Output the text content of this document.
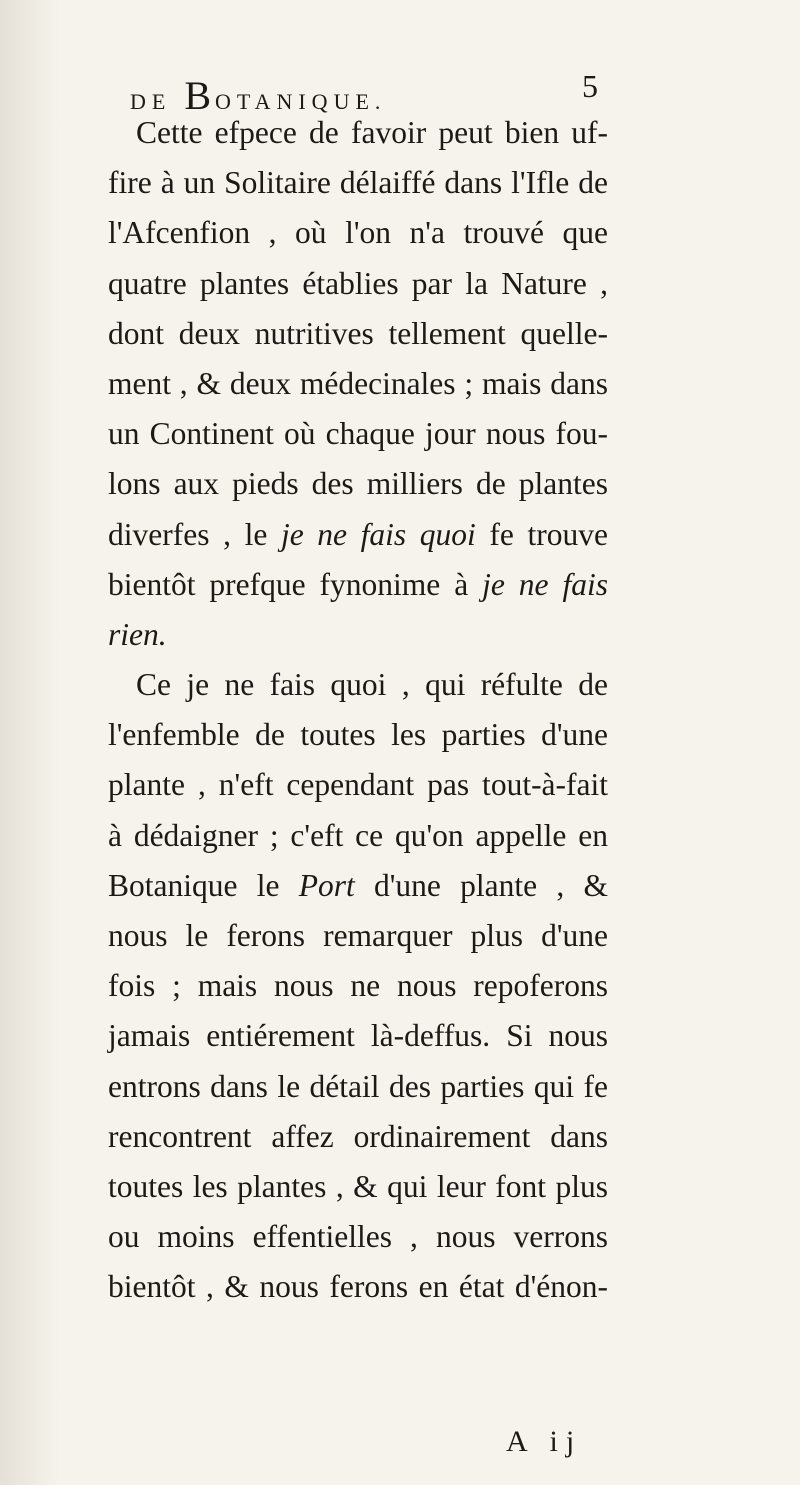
DE BOTANIQUE.	5
Cette efpece de favoir peut bien uf-
fire à un Solitaire délaiffé dans l'Ifle de
l'Afcenfion , où l'on n'a trouvé que
quatre plantes établies par la Nature ,
dont deux nutritives tellement quelle-
ment , & deux médecinales ; mais dans
un Continent où chaque jour nous fou-
lons aux pieds des milliers de plantes
diverfes , le je ne fais quoi fe trouve
bientôt prefque fynonime à je ne fais
rien.
Ce je ne fais quoi , qui réfulte de
l'enfemble de toutes les parties d'une
plante , n'eft cependant pas tout-à-fait
à dédaigner ; c'eft ce qu'on appelle en
Botanique le Port d'une plante , &
nous le ferons remarquer plus d'une
fois ; mais nous ne nous repoferons
jamais entiérement là-deffus. Si nous
entrons dans le détail des parties qui fe
rencontrent affez ordinairement dans
toutes les plantes , & qui leur font plus
ou moins effentielles , nous verrons
bientôt , & nous ferons en état d'énon-
A ij
